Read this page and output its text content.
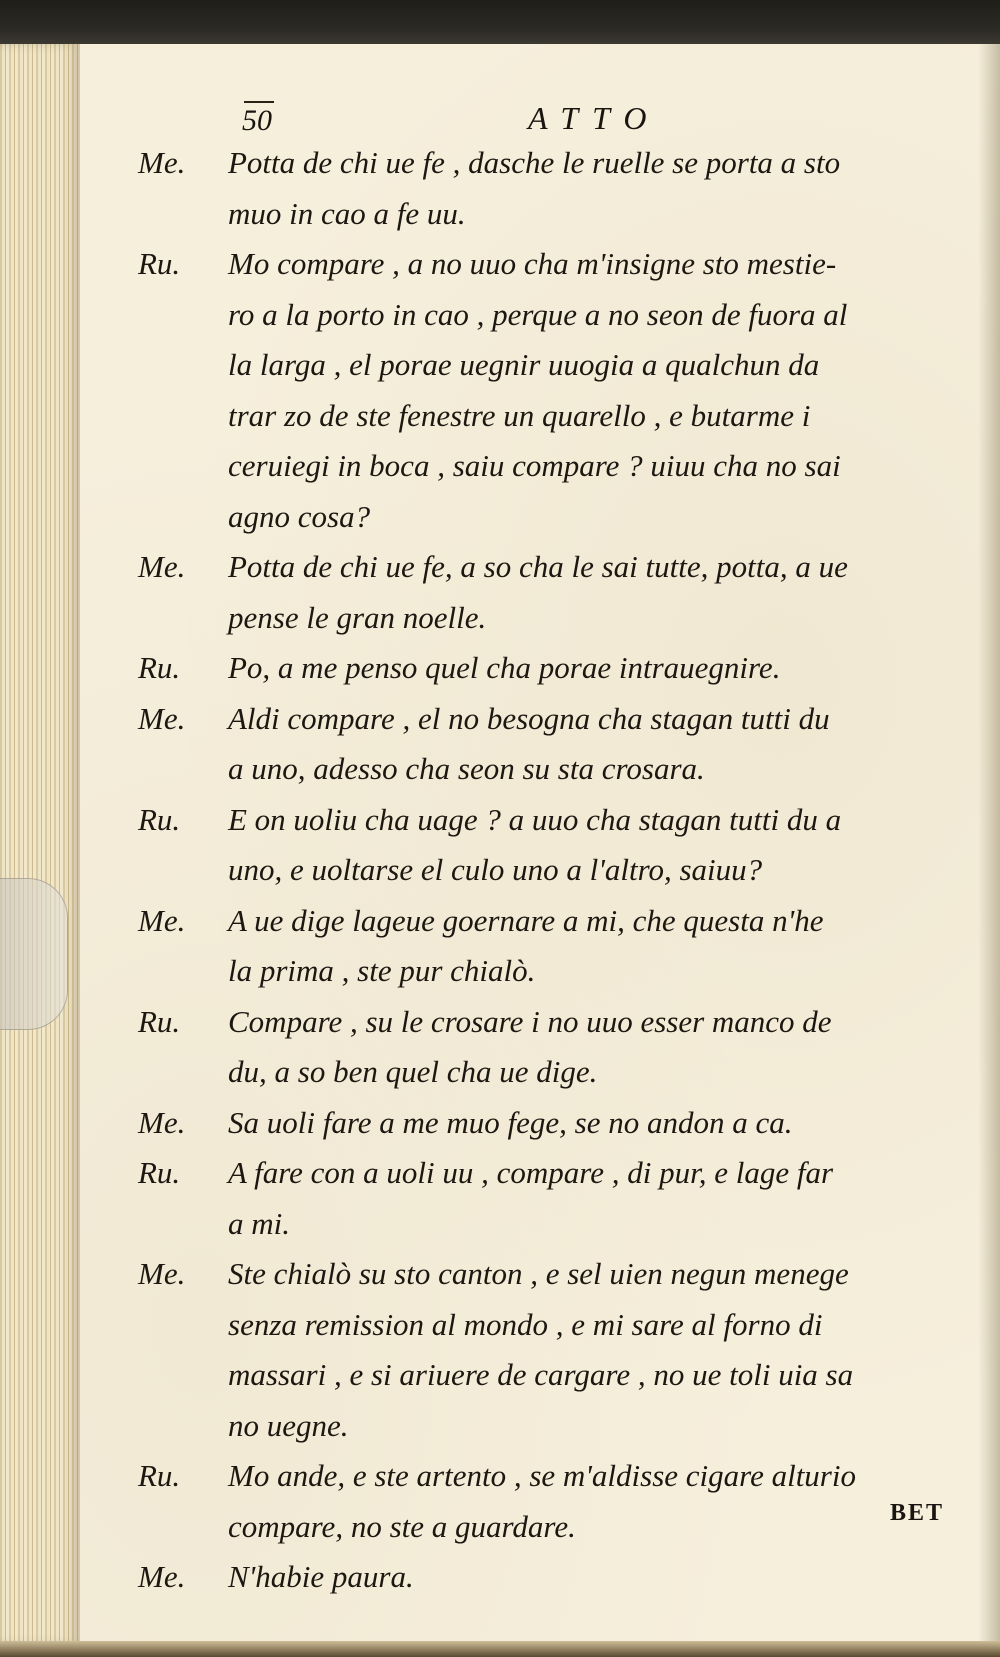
50	ATTO
Me.	Potta de chi ue fe , dasche le ruelle se porta a sto
muo in cao a fe uu.
Ru.	Mo compare , a no uuo cha m'insigne sto mestie-
ro a la porto in cao , perque a no seon de fuora al
la larga , el porae uegnir uuogia a qualchun da
trar zo de ste fenestre un quarello , e butarme i
ceruiegi in boca , saiu compare ? uiuu cha no sai
agno cosa?
Me.	Potta de chi ue fe, a so cha le sai tutte, potta, a ue
pense le gran noelle.
Ru.	Po, a me penso quel cha porae intrauegnire.
Me.	Aldi compare , el no besogna cha stagan tutti du
a uno, adesso cha seon su sta crosara.
Ru.	E on uoliu cha uage ? a uuo cha stagan tutti du a
uno, e uoltarse el culo uno a l'altro, saiuu?
Me.	A ue dige lageue goernare a mi, che questa n'he
la prima , ste pur chialò.
Ru.	Compare , su le crosare i no uuo esser manco de
du, a so ben quel cha ue dige.
Me.	Sa uoli fare a me muo fege, se no andon a ca.
Ru.	A fare con a uoli uu , compare , di pur, e lage far
a mi.
Me.	Ste chialò su sto canton , e sel uien negun menege
senza remission al mondo , e mi sare al forno di
massari , e si ariuere de cargare , no ue toli uia sa
no uegne.
Ru.	Mo ande, e ste artento , se m'aldisse cigare alturio
compare, no ste a guardare.
Me.	N'habie paura.
BET
